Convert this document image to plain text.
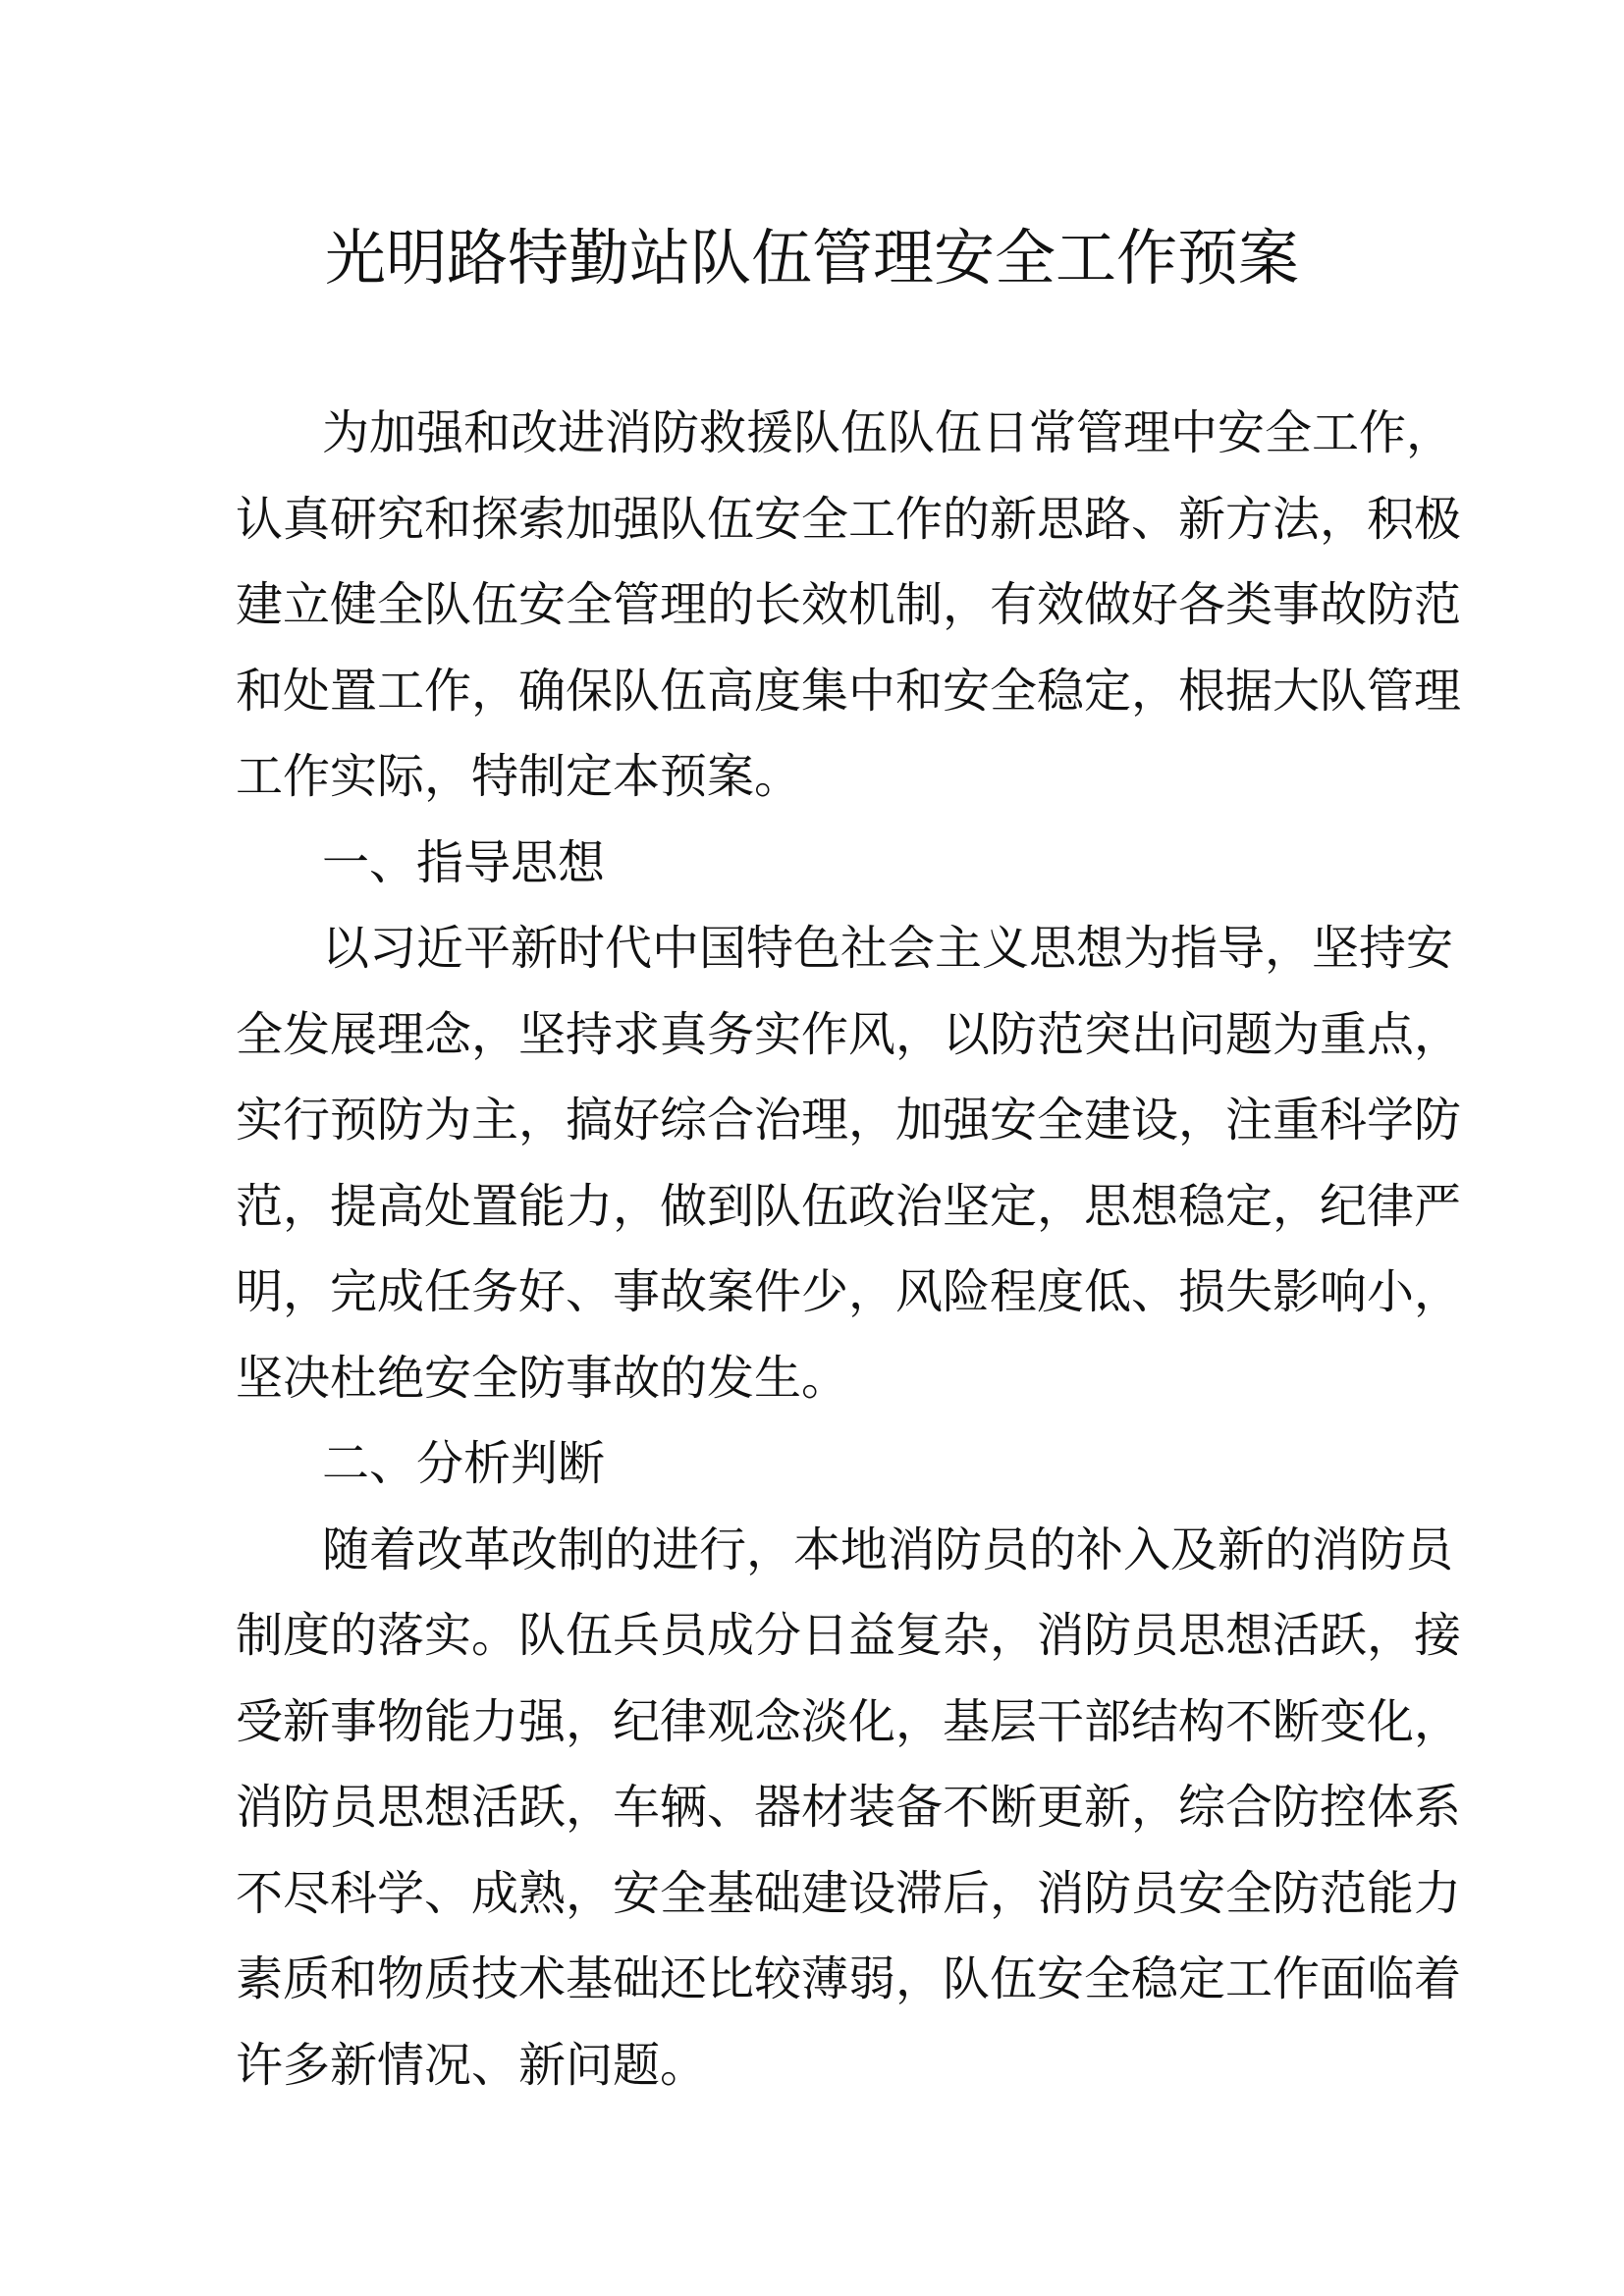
光明路特勤站队伍管理安全工作预案
为加强和改进消防救援队伍队伍日常管理中安全工作，
认真研究和探索加强队伍安全工作的新思路、新方法，积极
建立健全队伍安全管理的长效机制，有效做好各类事故防范
和处置工作，确保队伍高度集中和安全稳定，根据大队管理
工作实际，特制定本预案。
一、指导思想
以习近平新时代中国特色社会主义思想为指导，坚持安
全发展理念，坚持求真务实作风，以防范突出问题为重点，
实行预防为主，搞好综合治理，加强安全建设，注重科学防
范，提高处置能力，做到队伍政治坚定，思想稳定，纪律严
明，完成任务好、事故案件少，风险程度低、损失影响小，
坚决杜绝安全防事故的发生。
二、分析判断
随着改革改制的进行，本地消防员的补入及新的消防员
制度的落实。队伍兵员成分日益复杂，消防员思想活跃，接
受新事物能力强，纪律观念淡化，基层干部结构不断变化，
消防员思想活跃，车辆、器材装备不断更新，综合防控体系
不尽科学、成熟，安全基础建设滞后，消防员安全防范能力
素质和物质技术基础还比较薄弱，队伍安全稳定工作面临着
许多新情况、新问题。
